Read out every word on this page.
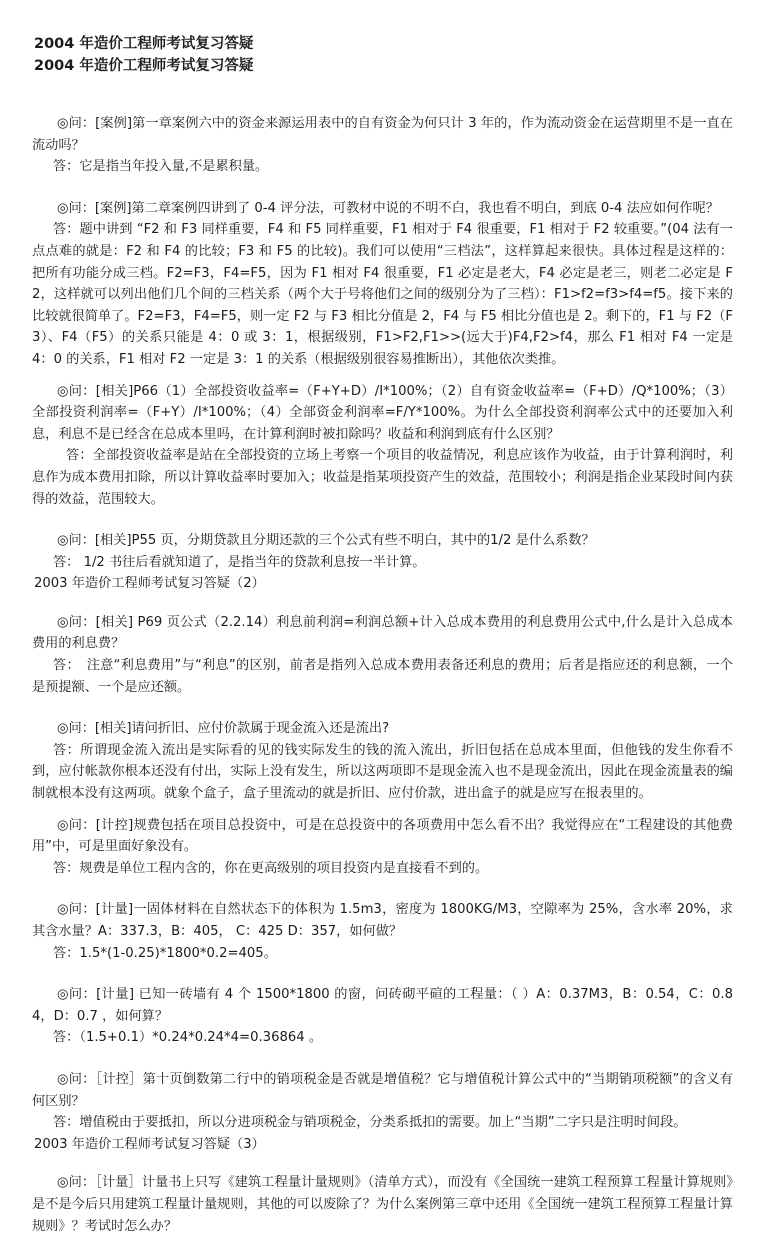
2004 年造价工程师考试复习答疑

2004 年造价工程师考试复习答疑

◎问：[案例]第一章案例六中的资金来源运用表中的自有资金为何只计 3 年的，作为流动资金在运营期里不是一直在流动吗？

答：它是指当年投入量,不是累积量。

◎问：[案例]第二章案例四讲到了 0-4 评分法，可教材中说的不明不白，我也看不明白，到底 0-4 法应如何作呢？

答：题中讲到 “F2 和 F3 同样重要，F4 和 F5 同样重要，F1 相对于 F4 很重要，F1 相对于 F2 较重要。”(04 法有一点点难的就是：F2 和 F4 的比较；F3 和 F5 的比较)。我们可以使用“三档法”，这样算起来很快。具体过程是这样的：把所有功能分成三档。F2=F3，F4=F5，因为 F1 相对 F4 很重要，F1 必定是老大，F4 必定是老三，则老二必定是 F2，这样就可以列出他们几个间的三档关系（两个大于号将他们之间的级别分为了三档）：F1>f2=f3>f4=f5。接下来的比较就很简单了。F2=F3，F4=F5，则一定 F2 与 F3 相比分值是 2，F4 与 F5 相比分值也是 2。剩下的，F1 与 F2（F3）、F4（F5）的关系只能是 4：0 或 3：1，根据级别，F1>F2,F1>>(远大于)F4,F2>f4，那么 F1 相对 F4 一定是 4：0 的关系，F1 相对 F2 一定是 3：1 的关系（根据级别很容易推断出），其他依次类推。

◎问：[相关]P66（1）全部投资收益率=（F+Y+D）/I*100%；（2）自有资金收益率=（F+D）/Q*100%；（3）全部投资利润率=（F+Y）/I*100%；（4）全部资金利润率=F/Y*100%。为什么全部投资利润率公式中的还要加入利息，利息不是已经含在总成本里吗，在计算利润时被扣除吗？收益和利润到底有什么区别？

答：全部投资收益率是站在全部投资的立场上考察一个项目的收益情况，利息应该作为收益，由于计算利润时，利息作为成本费用扣除，所以计算收益率时要加入；收益是指某项投资产生的效益，范围较小；利润是指企业某段时间内获得的效益，范围较大。

◎问：[相关]P55 页，分期贷款且分期还款的三个公式有些不明白，其中的1/2 是什么系数？

答： 1/2 书往后看就知道了，是指当年的贷款利息按一半计算。

2003 年造价工程师考试复习答疑（2）

◎问：[相关] P69 页公式（2.2.14）利息前利润=利润总额+计入总成本费用的利息费用公式中,什么是计入总成本费用的利息费？

答：　注意“利息费用”与“利息”的区别，前者是指列入总成本费用表备还利息的费用；后者是指应还的利息额，一个是预提额、一个是应还额。

◎问：[相关]请问折旧、应付价款属于现金流入还是流出?

答：所谓现金流入流出是实际看的见的钱实际发生的钱的流入流出，折旧包括在总成本里面，但他钱的发生你看不到，应付帐款你根本还没有付出，实际上没有发生，所以这两项即不是现金流入也不是现金流出，因此在现金流量表的编制就根本没有这两项。就象个盒子，盒子里流动的就是折旧、应付价款，进出盒子的就是应写在报表里的。

◎问：[计控]规费包括在项目总投资中，可是在总投资中的各项费用中怎么看不出？我觉得应在“工程建设的其他费用”中，可是里面好象没有。

答：规费是单位工程内含的，你在更高级别的项目投资内是直接看不到的。

◎问：[计量]一固体材料在自然状态下的体积为 1.5m3，密度为 1800KG/M3，空隙率为 25%，含水率 20%，求其含水量？A：337.3，B：405， C：425 D：357，如何做？

答：1.5*(1-0.25)*1800*0.2=405。

◎问：[计量] 已知一砖墙有 4 个 1500*1800 的窗，问砖砌平碹的工程量：（ ）A：0.37M3，B：0.54，C：0.84，D：0.7 ，如何算？

答：（1.5+0.1）*0.24*0.24*4=0.36864 。

◎问：［计控］第十页倒数第二行中的销项税金是否就是增值税？它与增值税计算公式中的“当期销项税额”的含义有何区别？

答：增值税由于要抵扣，所以分进项税金与销项税金，分类系抵扣的需要。加上“当期”二字只是注明时间段。

2003 年造价工程师考试复习答疑（3）

◎问：［计量］计量书上只写《建筑工程量计量规则》（清单方式），而没有《全国统一建筑工程预算工程量计算规则》是不是今后只用建筑工程量计量规则，其他的可以废除了？为什么案例第三章中还用《全国统一建筑工程预算工程量计算规则》？考试时怎么办？
